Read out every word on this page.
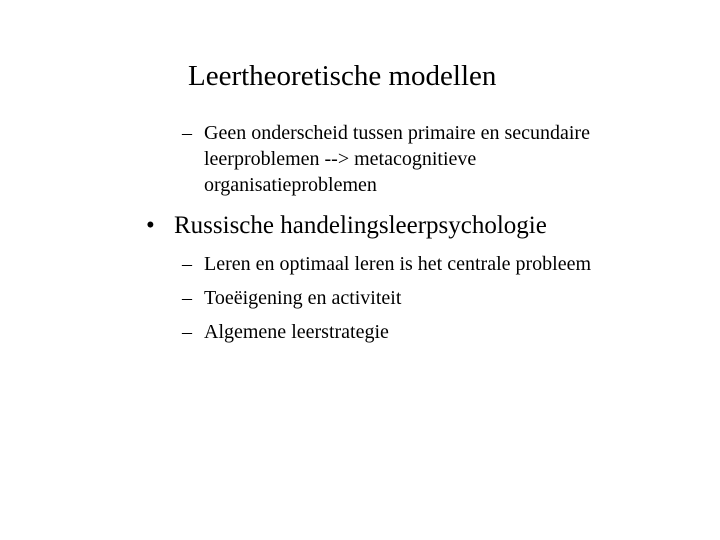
Leertheoretische modellen
– Geen onderscheid tussen primaire en secundaire
leerproblemen --> metacognitieve
organisatieproblemen
• Russische handelingsleerpsychologie
– Leren en optimaal leren is het centrale probleem
– Toeëigening en activiteit
– Algemene leerstrategie
